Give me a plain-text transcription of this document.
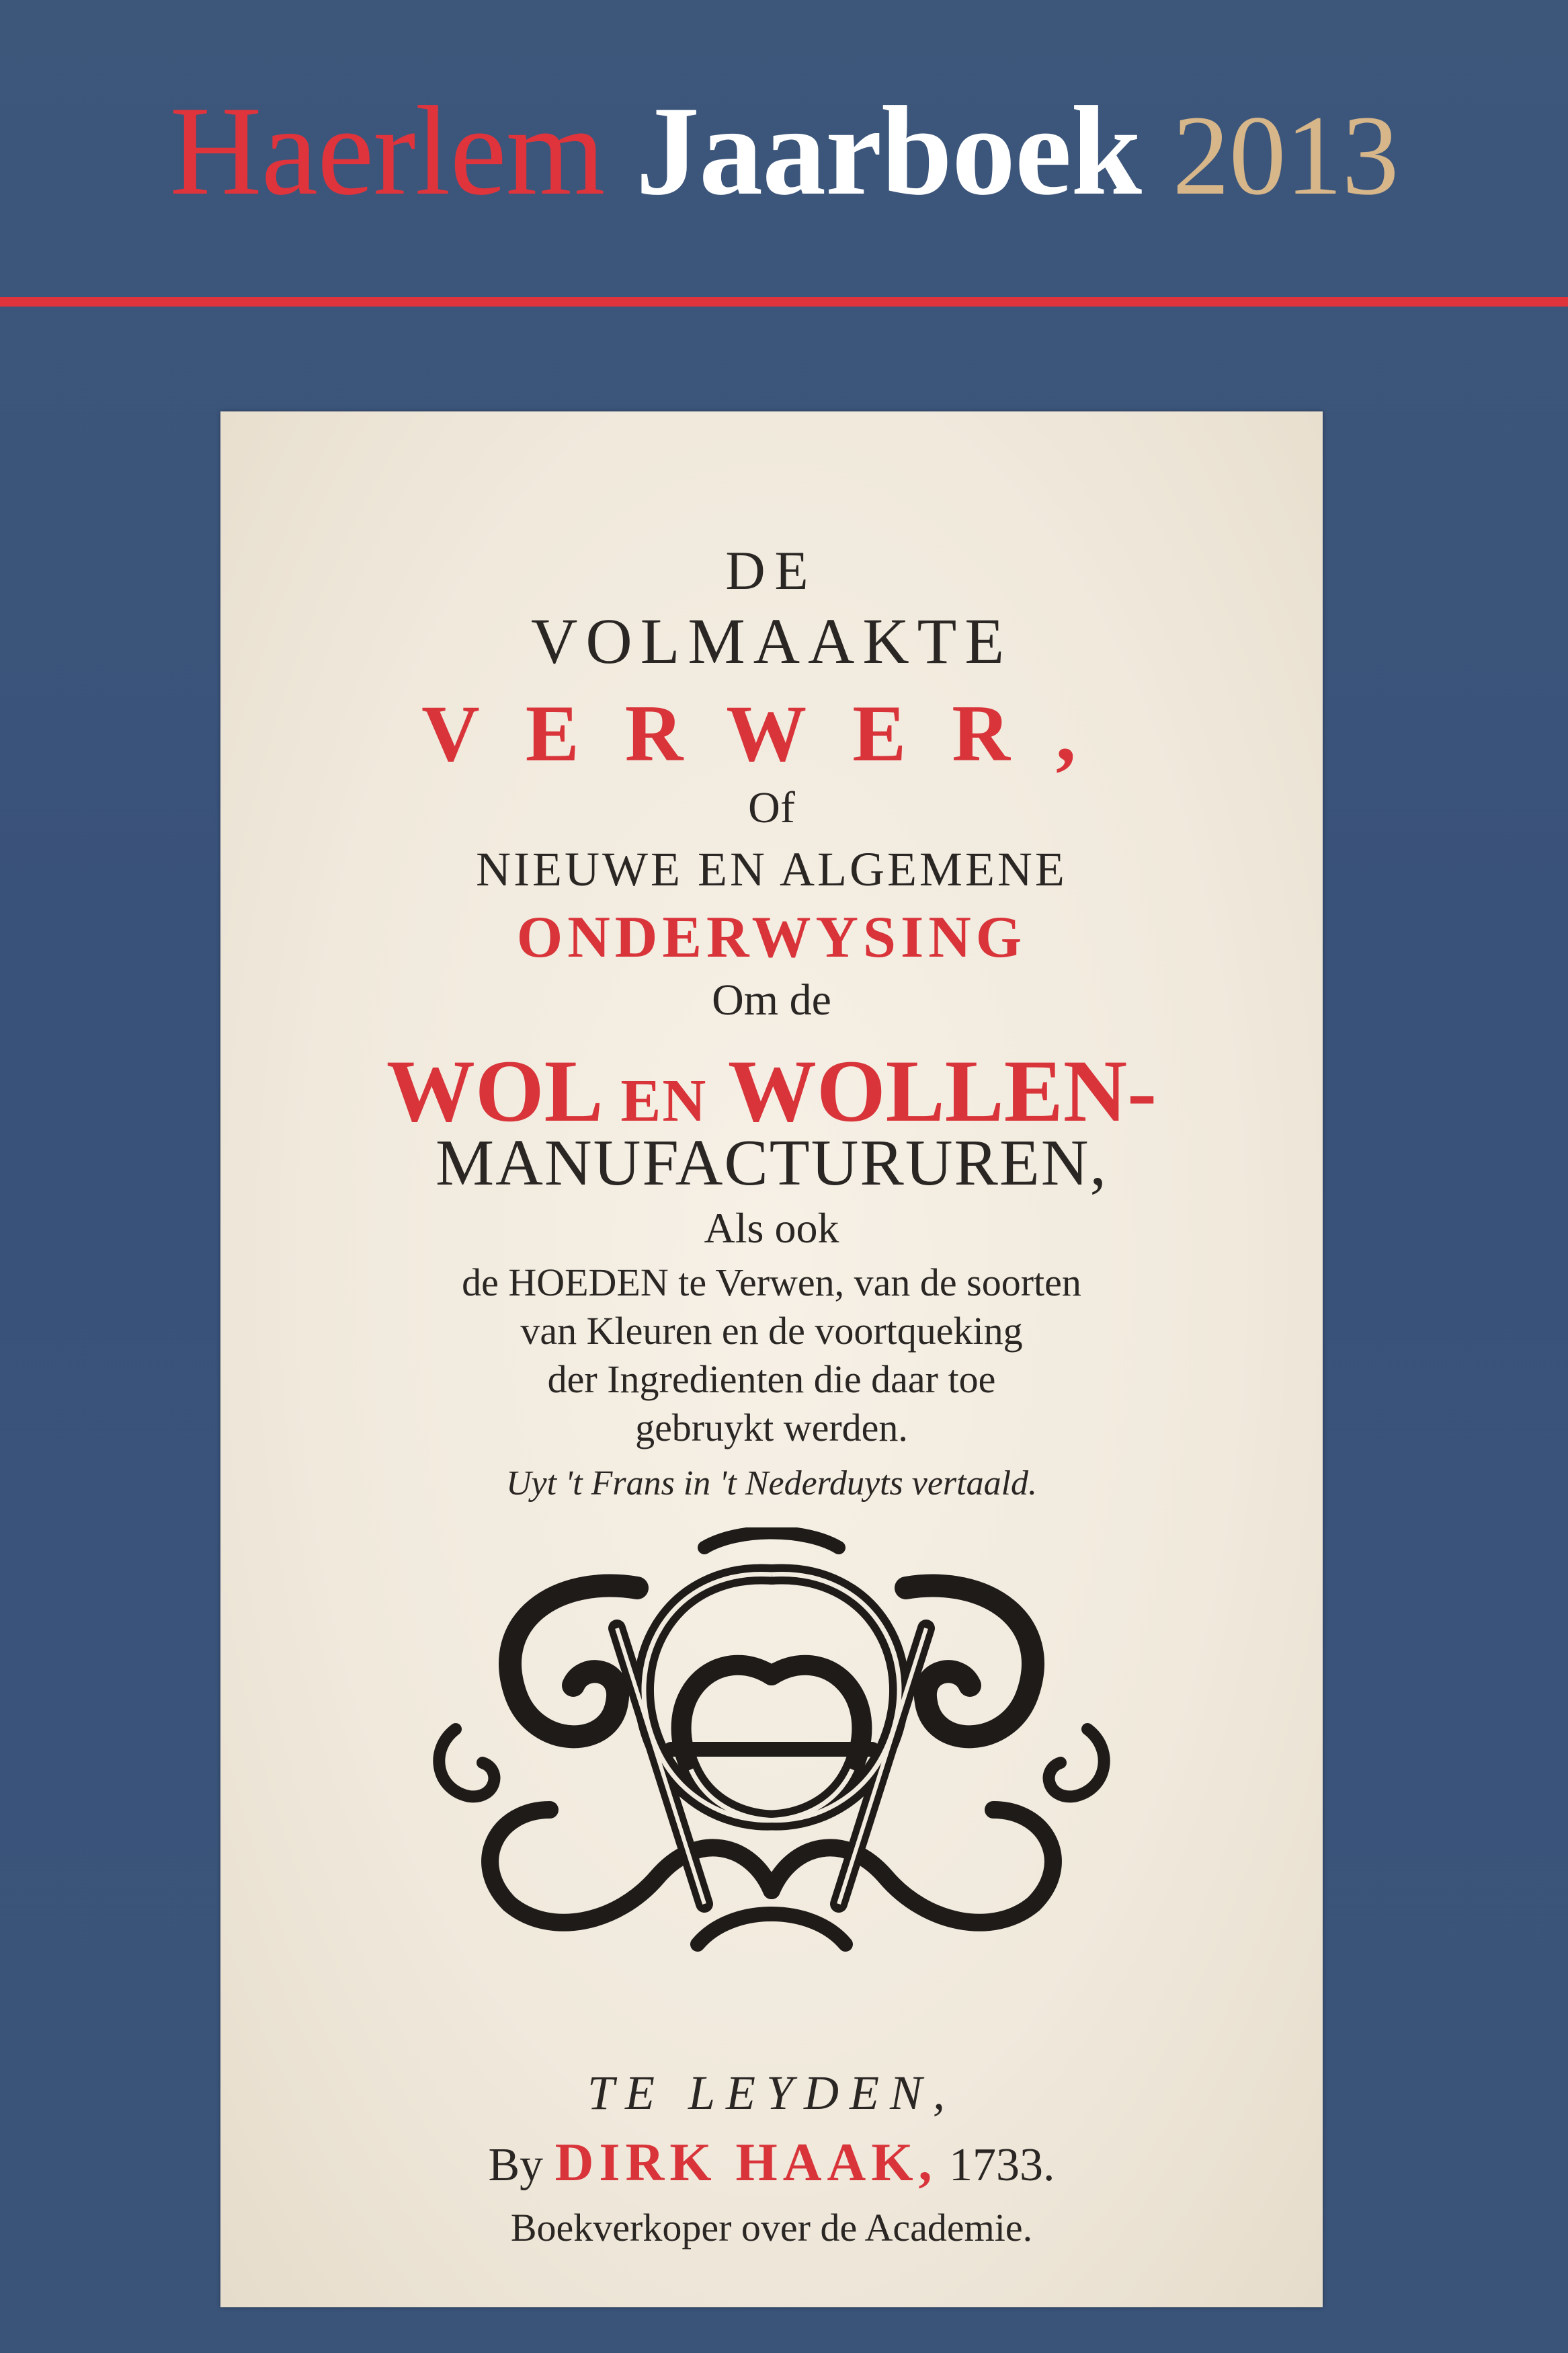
Haerlem Jaarboek 2013
DE
VOLMAAKTE
VERWER,
Of
NIEUWE EN ALGEMENE
ONDERWYSING
Om de
WOL EN WOLLEN-
MANUFACTURUREN,
Als ook
de HOEDEN te Verwen, van de soorten
van Kleuren en de voortqueking
der Ingredienten die daar toe
gebruykt werden.
Uyt 't Frans in 't Nederduyts vertaald.
TE LEYDEN,
By DIRK HAAK, 1733.
Boekverkoper over de Academie.
